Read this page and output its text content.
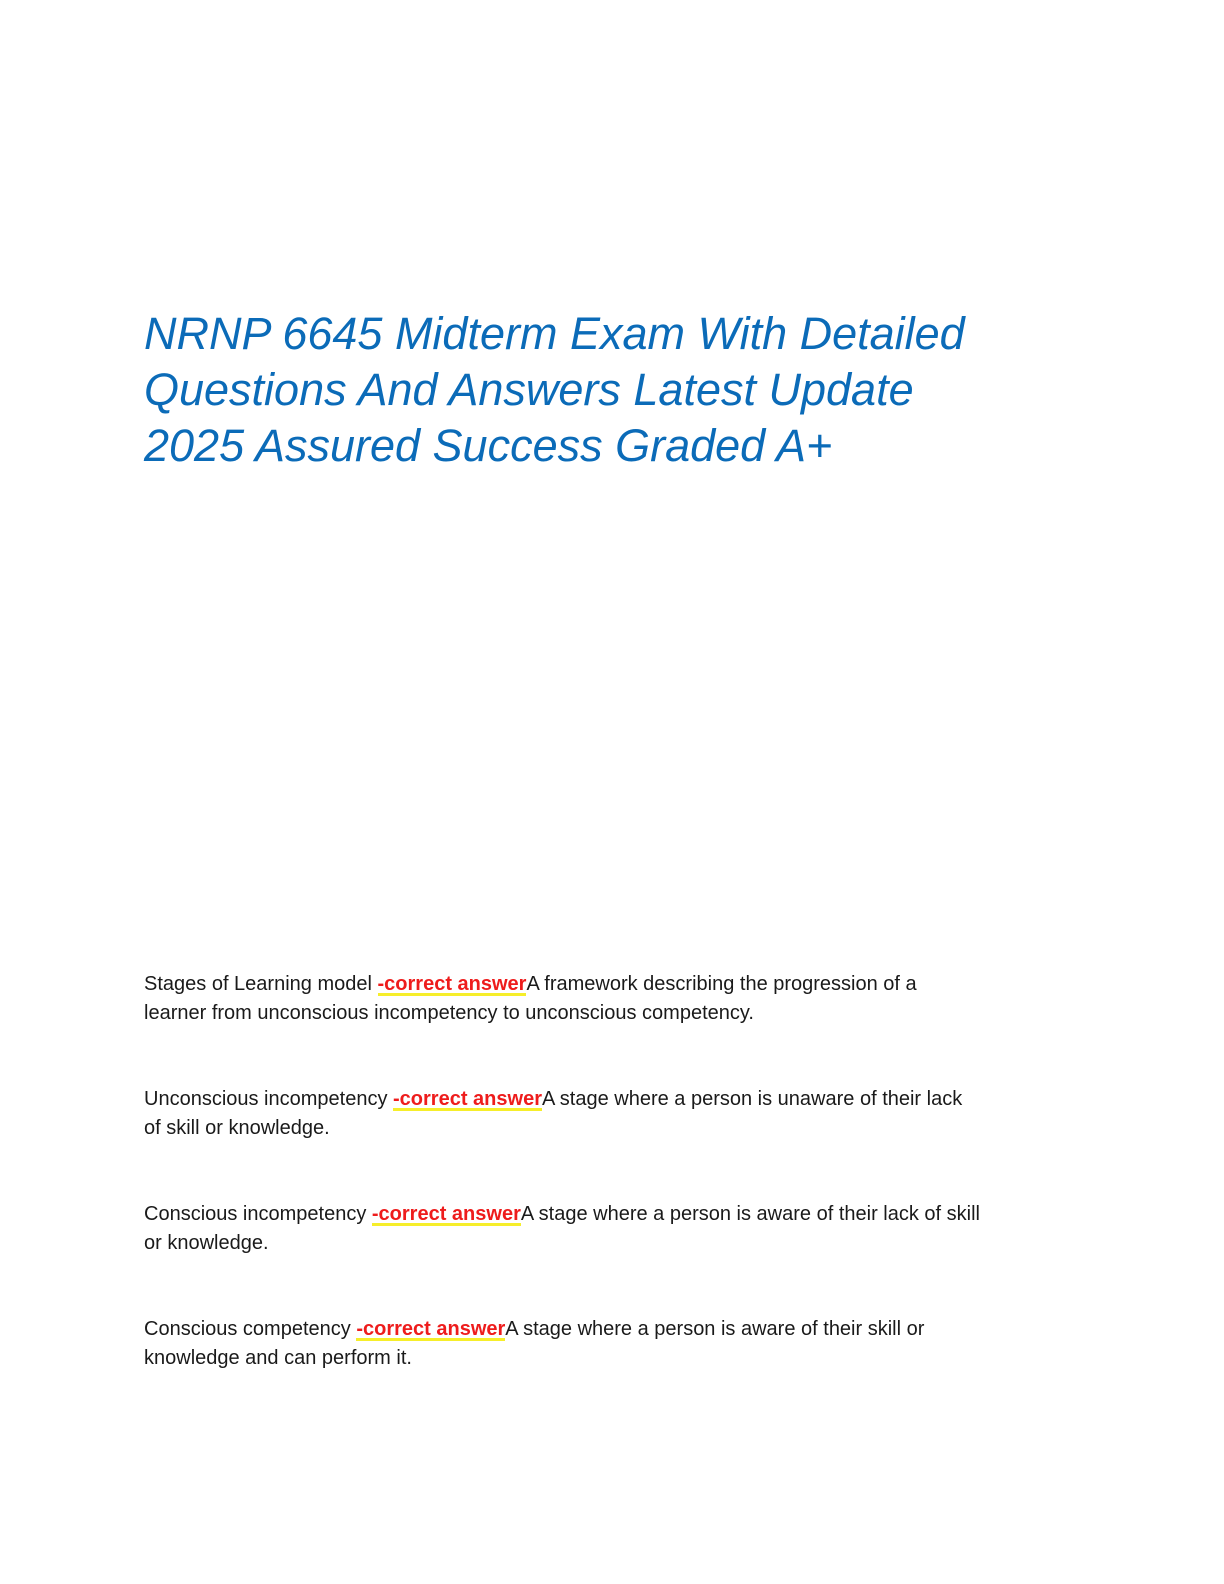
NRNP 6645 Midterm Exam With Detailed
Questions And Answers Latest Update
2025 Assured Success Graded A+

Stages of Learning model -correct answerA framework describing the progression of a
learner from unconscious incompetency to unconscious competency.

Unconscious incompetency -correct answerA stage where a person is unaware of their lack
of skill or knowledge.

Conscious incompetency -correct answerA stage where a person is aware of their lack of skill
or knowledge.

Conscious competency -correct answerA stage where a person is aware of their skill or
knowledge and can perform it.
